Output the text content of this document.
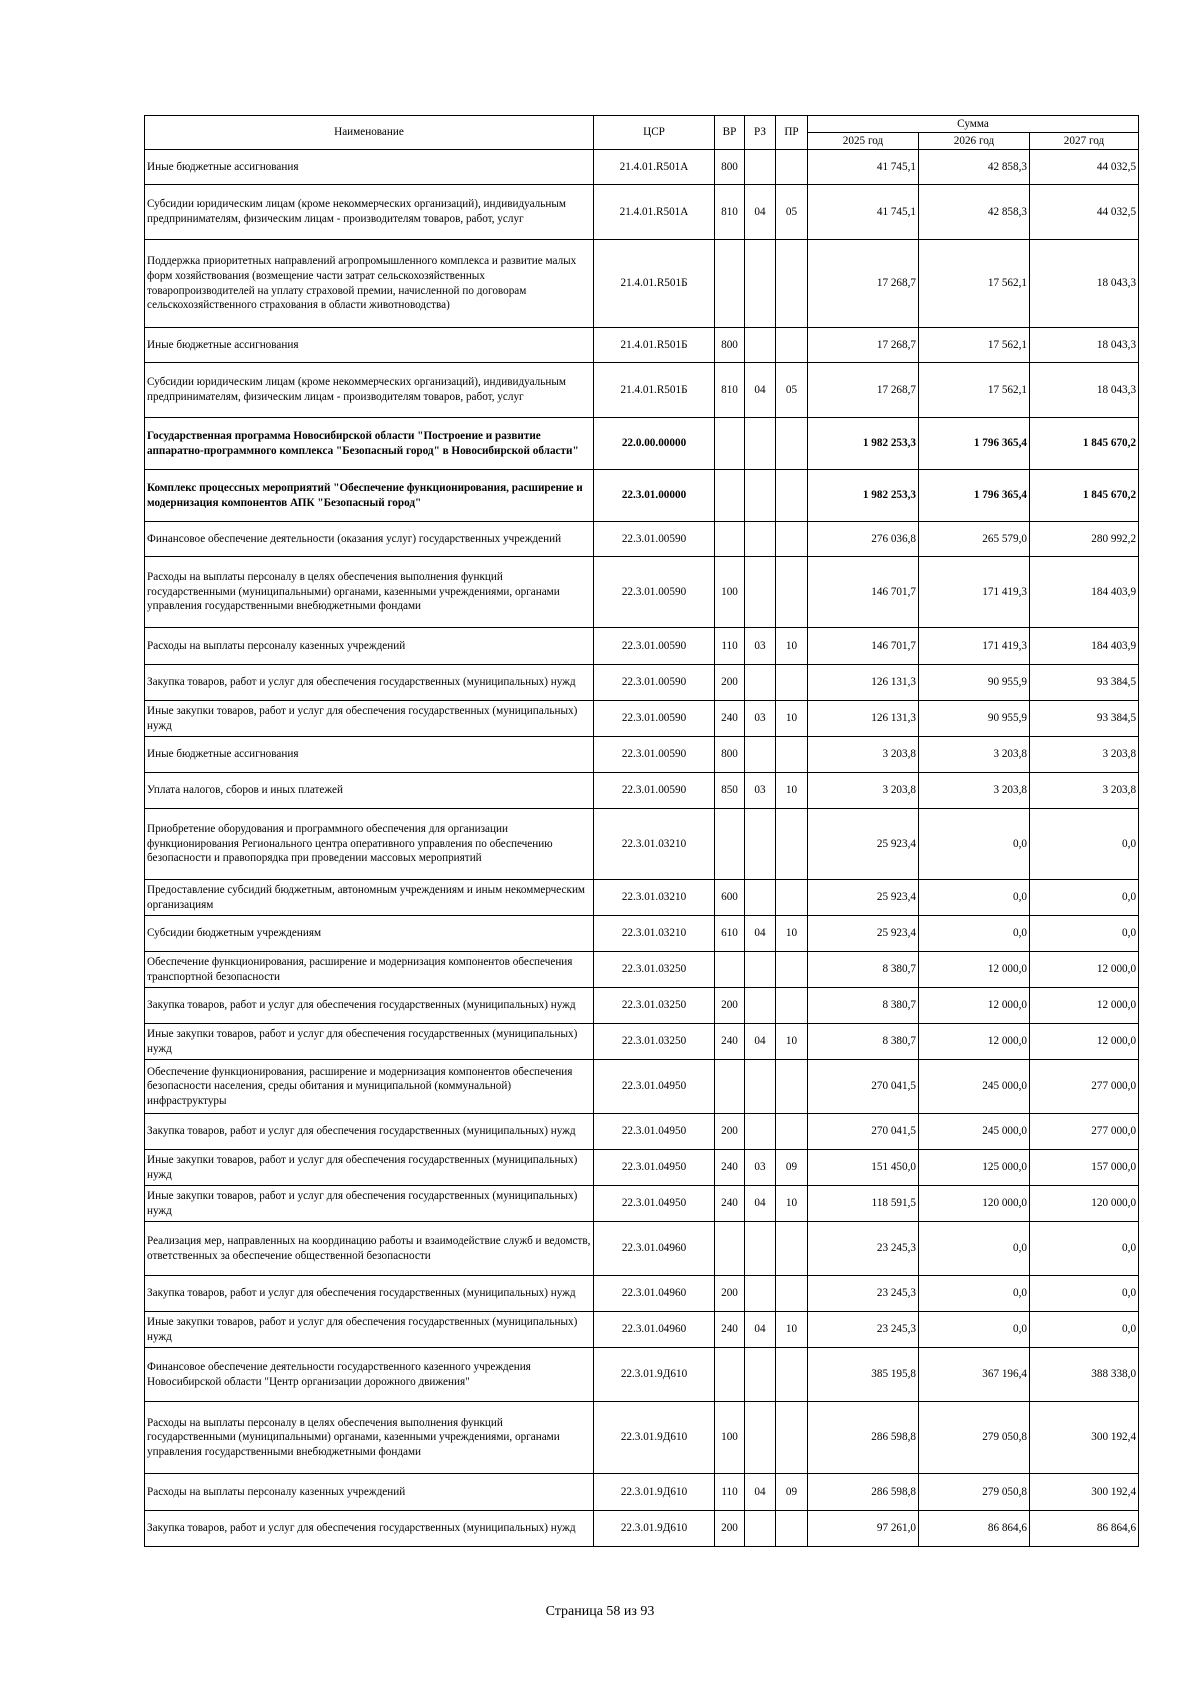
Наименование	ЦСР	ВР	РЗ	ПР	Сумма		
					2025 год	2026 год	2027 год
Иные бюджетные ассигнования	21.4.01.R501А	800			41 745,1	42 858,3	44 032,5
Субсидии юридическим лицам (кроме некоммерческих организаций), индивидуальным предпринимателям, физическим лицам - производителям товаров, работ, услуг	21.4.01.R501А	810	04	05	41 745,1	42 858,3	44 032,5
Поддержка приоритетных направлений агропромышленного комплекса и развитие малых форм хозяйствования (возмещение части затрат сельскохозяйственных товаропроизводителей на уплату страховой премии, начисленной по договорам сельскохозяйственного страхования в области животноводства)	21.4.01.R501Б				17 268,7	17 562,1	18 043,3
Иные бюджетные ассигнования	21.4.01.R501Б	800			17 268,7	17 562,1	18 043,3
Субсидии юридическим лицам (кроме некоммерческих организаций), индивидуальным предпринимателям, физическим лицам - производителям товаров, работ, услуг	21.4.01.R501Б	810	04	05	17 268,7	17 562,1	18 043,3
Государственная программа Новосибирской области "Построение и развитие аппаратно-программного комплекса "Безопасный город" в Новосибирской области"	22.0.00.00000				1 982 253,3	1 796 365,4	1 845 670,2
Комплекс процессных мероприятий "Обеспечение функционирования, расширение и модернизация компонентов АПК "Безопасный город"	22.3.01.00000				1 982 253,3	1 796 365,4	1 845 670,2
Финансовое обеспечение деятельности (оказания услуг) государственных учреждений	22.3.01.00590				276 036,8	265 579,0	280 992,2
Расходы на выплаты персоналу в целях обеспечения выполнения функций государственными (муниципальными) органами, казенными учреждениями, органами управления государственными внебюджетными фондами	22.3.01.00590	100			146 701,7	171 419,3	184 403,9
Расходы на выплаты персоналу казенных учреждений	22.3.01.00590	110	03	10	146 701,7	171 419,3	184 403,9
Закупка товаров, работ и услуг для обеспечения государственных (муниципальных) нужд	22.3.01.00590	200			126 131,3	90 955,9	93 384,5
Иные закупки товаров, работ и услуг для обеспечения государственных (муниципальных) нужд	22.3.01.00590	240	03	10	126 131,3	90 955,9	93 384,5
Иные бюджетные ассигнования	22.3.01.00590	800			3 203,8	3 203,8	3 203,8
Уплата налогов, сборов и иных платежей	22.3.01.00590	850	03	10	3 203,8	3 203,8	3 203,8
Приобретение оборудования и программного обеспечения для организации функционирования Регионального центра оперативного управления по обеспечению безопасности и правопорядка при проведении массовых мероприятий	22.3.01.03210				25 923,4	0,0	0,0
Предоставление субсидий бюджетным, автономным учреждениям и иным некоммерческим организациям	22.3.01.03210	600			25 923,4	0,0	0,0
Субсидии бюджетным учреждениям	22.3.01.03210	610	04	10	25 923,4	0,0	0,0
Обеспечение функционирования, расширение и модернизация компонентов обеспечения транспортной безопасности	22.3.01.03250				8 380,7	12 000,0	12 000,0
Закупка товаров, работ и услуг для обеспечения государственных (муниципальных) нужд	22.3.01.03250	200			8 380,7	12 000,0	12 000,0
Иные закупки товаров, работ и услуг для обеспечения государственных (муниципальных) нужд	22.3.01.03250	240	04	10	8 380,7	12 000,0	12 000,0
Обеспечение функционирования, расширение и модернизация компонентов обеспечения безопасности населения, среды обитания и муниципальной (коммунальной) инфраструктуры	22.3.01.04950				270 041,5	245 000,0	277 000,0
Закупка товаров, работ и услуг для обеспечения государственных (муниципальных) нужд	22.3.01.04950	200			270 041,5	245 000,0	277 000,0
Иные закупки товаров, работ и услуг для обеспечения государственных (муниципальных) нужд	22.3.01.04950	240	03	09	151 450,0	125 000,0	157 000,0
Иные закупки товаров, работ и услуг для обеспечения государственных (муниципальных) нужд	22.3.01.04950	240	04	10	118 591,5	120 000,0	120 000,0
Реализация мер, направленных на координацию работы и взаимодействие служб и ведомств, ответственных за обеспечение общественной безопасности	22.3.01.04960				23 245,3	0,0	0,0
Закупка товаров, работ и услуг для обеспечения государственных (муниципальных) нужд	22.3.01.04960	200			23 245,3	0,0	0,0
Иные закупки товаров, работ и услуг для обеспечения государственных (муниципальных) нужд	22.3.01.04960	240	04	10	23 245,3	0,0	0,0
Финансовое обеспечение деятельности государственного казенного учреждения Новосибирской области "Центр организации дорожного движения"	22.3.01.9Д610				385 195,8	367 196,4	388 338,0
Расходы на выплаты персоналу в целях обеспечения выполнения функций государственными (муниципальными) органами, казенными учреждениями, органами управления государственными внебюджетными фондами	22.3.01.9Д610	100			286 598,8	279 050,8	300 192,4
Расходы на выплаты персоналу казенных учреждений	22.3.01.9Д610	110	04	09	286 598,8	279 050,8	300 192,4
Закупка товаров, работ и услуг для обеспечения государственных (муниципальных) нужд	22.3.01.9Д610	200			97 261,0	86 864,6	86 864,6
Страница 58 из 93
